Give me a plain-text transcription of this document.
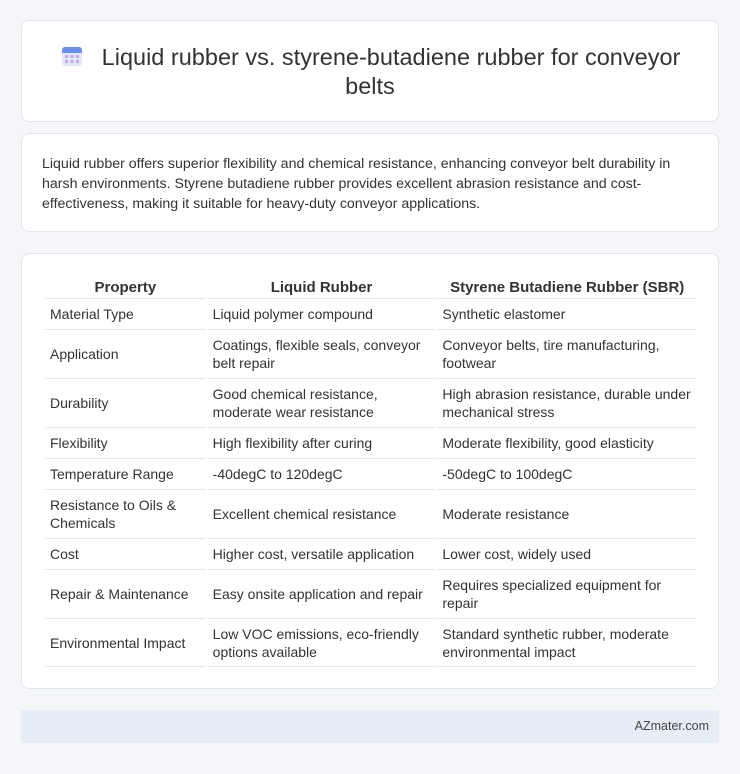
Liquid rubber vs. styrene-butadiene rubber for conveyor belts

Liquid rubber offers superior flexibility and chemical resistance, enhancing conveyor belt durability in harsh environments. Styrene butadiene rubber provides excellent abrasion resistance and cost-effectiveness, making it suitable for heavy-duty conveyor applications.

Property	Liquid Rubber	Styrene Butadiene Rubber (SBR)
Material Type	Liquid polymer compound	Synthetic elastomer
Application	Coatings, flexible seals, conveyor belt repair	Conveyor belts, tire manufacturing, footwear
Durability	Good chemical resistance, moderate wear resistance	High abrasion resistance, durable under mechanical stress
Flexibility	High flexibility after curing	Moderate flexibility, good elasticity
Temperature Range	-40degC to 120degC	-50degC to 100degC
Resistance to Oils & Chemicals	Excellent chemical resistance	Moderate resistance
Cost	Higher cost, versatile application	Lower cost, widely used
Repair & Maintenance	Easy onsite application and repair	Requires specialized equipment for repair
Environmental Impact	Low VOC emissions, eco-friendly options available	Standard synthetic rubber, moderate environmental impact
AZmater.com
